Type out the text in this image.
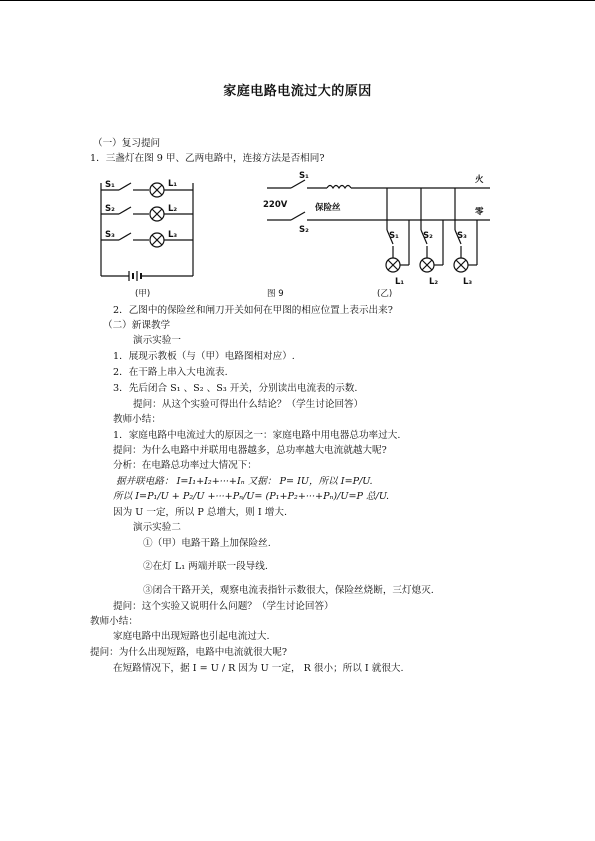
家庭电路电流过大的原因
（一）复习提问
1．三盏灯在图 9 甲、乙两电路中，连接方法是否相同?
S₁
S₂
S₃
L₁
L₂
L₃
(甲)	图 9
S₁
S₂
220V	保险丝
火
零
S₁	S₂	S₃
L₁	L₂	L₃
(乙)
2．乙图中的保险丝和闸刀开关如何在甲图的相应位置上表示出来?
（二）新课教学
演示实验一
1．展现示教板（与（甲）电路图相对应）.
2．在干路上串入大电流表.
3．先后闭合 S₁ 、S₂ 、S₃ 开关，分别读出电流表的示数.
提问：从这个实验可得出什么结论？（学生讨论回答）
教师小结：
1．家庭电路中电流过大的原因之一：家庭电路中用电器总功率过大.
提问：为什么电路中并联用电器越多，总功率越大电流就越大呢?
分析：在电路总功率过大情况下：
据并联电路： I=I₁+I₂+···+Iₙ 又据： P= IU，所以 I=P/U.
所以 I=P₁/U + P₂/U +···+Pₙ/U= (P₁+P₂+···+Pₙ)/U=P 总/U.
因为 U 一定，所以 P 总增大，则 I 增大.
演示实验二
①（甲）电路干路上加保险丝.
②在灯 L₁ 两端并联一段导线.
③闭合干路开关，观察电流表指针示数很大，保险丝烧断，三灯熄灭.
提问：这个实验又说明什么问题？（学生讨论回答）
教师小结：
家庭电路中出现短路也引起电流过大.
提问：为什么出现短路，电路中电流就很大呢?
在短路情况下，据 I = U / R 因为 U 一定， R 很小；所以 I 就很大.
